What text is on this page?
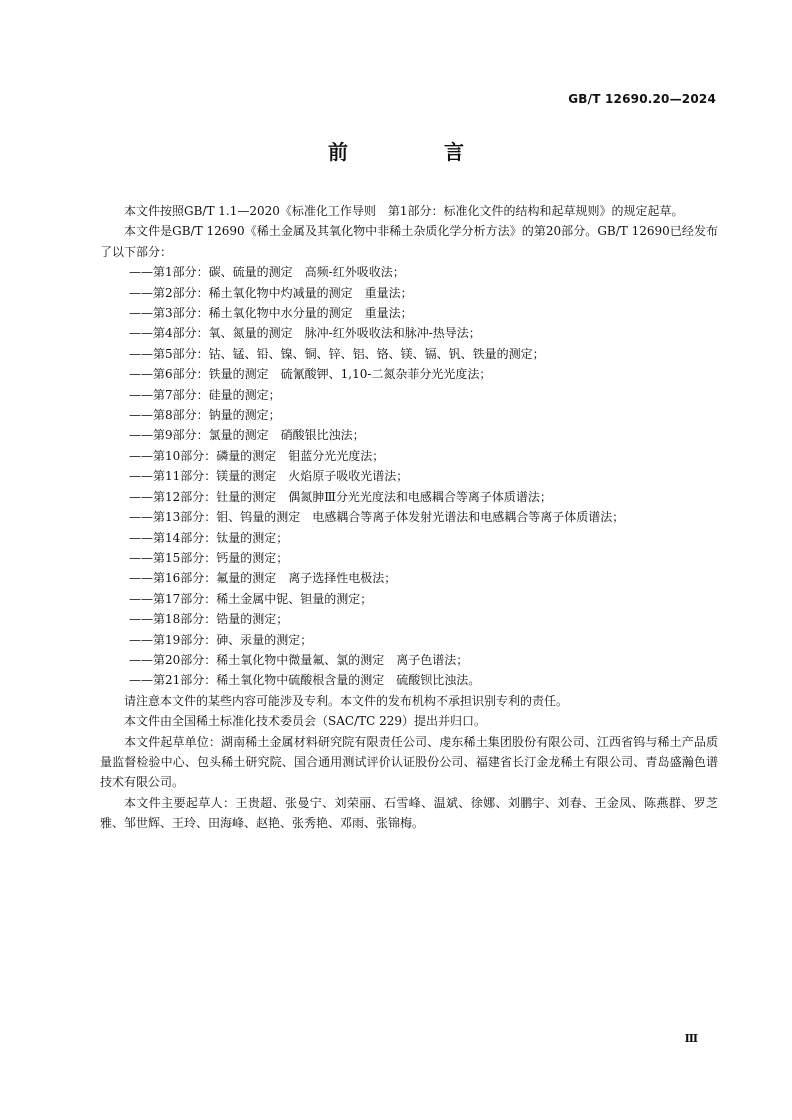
GB/T 12690.20—2024
前　言

本文件按照GB/T 1.1—2020《标准化工作导则　第1部分：标准化文件的结构和起草规则》的规定起草。

本文件是GB/T 12690《稀土金属及其氧化物中非稀土杂质化学分析方法》的第20部分。GB/T 12690已经发布了以下部分：

——第1部分：碳、硫量的测定　高频-红外吸收法；
——第2部分：稀土氧化物中灼减量的测定　重量法；
——第3部分：稀土氧化物中水分量的测定　重量法；
——第4部分：氧、氮量的测定　脉冲-红外吸收法和脉冲-热导法；
——第5部分：钴、锰、铅、镍、铜、锌、铝、铬、镁、镉、钒、铁量的测定；
——第6部分：铁量的测定　硫氰酸钾、1,10-二氮杂菲分光光度法；
——第7部分：硅量的测定；
——第8部分：钠量的测定；
——第9部分：氯量的测定　硝酸银比浊法；
——第10部分：磷量的测定　钼蓝分光光度法；
——第11部分：镁量的测定　火焰原子吸收光谱法；
——第12部分：钍量的测定　偶氮胂Ⅲ分光光度法和电感耦合等离子体质谱法；
——第13部分：钼、钨量的测定　电感耦合等离子体发射光谱法和电感耦合等离子体质谱法；
——第14部分：钛量的测定；
——第15部分：钙量的测定；
——第16部分：氟量的测定　离子选择性电极法；
——第17部分：稀土金属中铌、钽量的测定；
——第18部分：锆量的测定；
——第19部分：砷、汞量的测定；
——第20部分：稀土氧化物中微量氟、氯的测定　离子色谱法；
——第21部分：稀土氧化物中硫酸根含量的测定　硫酸钡比浊法。

请注意本文件的某些内容可能涉及专利。本文件的发布机构不承担识别专利的责任。

本文件由全国稀土标准化技术委员会（SAC/TC 229）提出并归口。

本文件起草单位：湖南稀土金属材料研究院有限责任公司、虔东稀土集团股份有限公司、江西省钨与稀土产品质量监督检验中心、包头稀土研究院、国合通用测试评价认证股份公司、福建省长汀金龙稀土有限公司、青岛盛瀚色谱技术有限公司。

本文件主要起草人：王贵超、张曼宁、刘荣丽、石雪峰、温斌、徐娜、刘鹏宇、刘春、王金凤、陈燕群、罗芝雅、邹世辉、王玲、田海峰、赵艳、张秀艳、邓雨、张锦梅。

Ⅲ
